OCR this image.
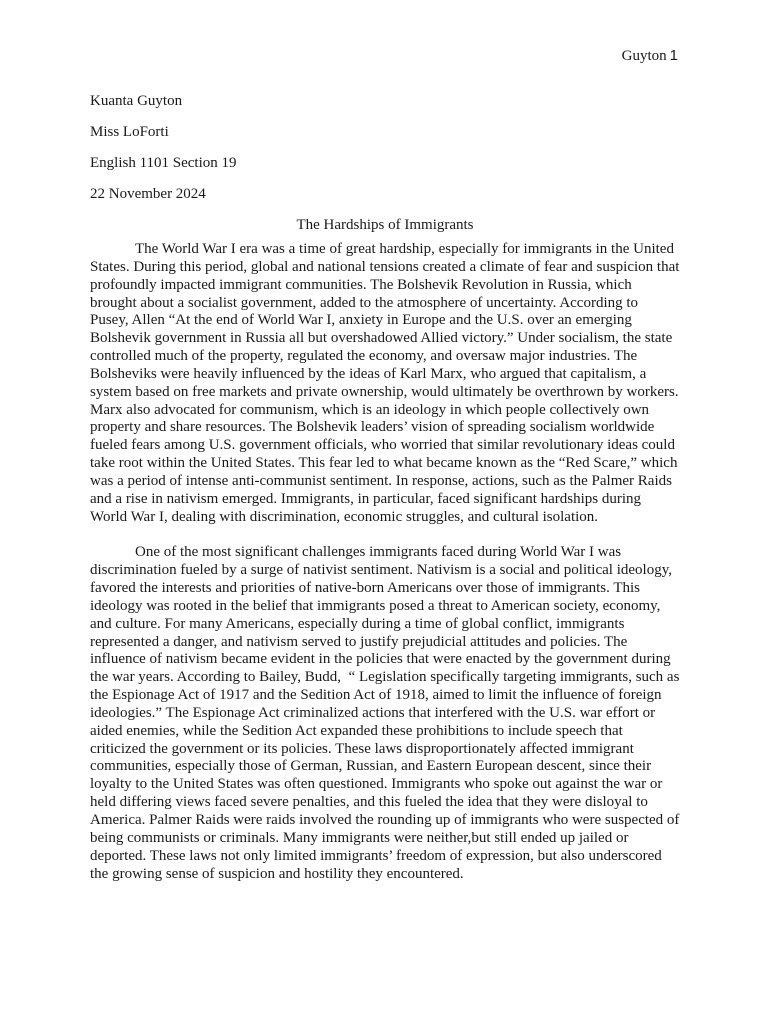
Guyton 1

Kuanta Guyton

Miss LoForti

English 1101 Section 19

22 November 2024

The Hardships of Immigrants

The World War I era was a time of great hardship, especially for immigrants in the United States. During this period, global and national tensions created a climate of fear and suspicion that profoundly impacted immigrant communities. The Bolshevik Revolution in Russia, which brought about a socialist government, added to the atmosphere of uncertainty. According to Pusey, Allen “At the end of World War I, anxiety in Europe and the U.S. over an emerging Bolshevik government in Russia all but overshadowed Allied victory.” Under socialism, the state controlled much of the property, regulated the economy, and oversaw major industries. The Bolsheviks were heavily influenced by the ideas of Karl Marx, who argued that capitalism, a system based on free markets and private ownership, would ultimately be overthrown by workers. Marx also advocated for communism, which is an ideology in which people collectively own property and share resources. The Bolshevik leaders’ vision of spreading socialism worldwide fueled fears among U.S. government officials, who worried that similar revolutionary ideas could take root within the United States. This fear led to what became known as the “Red Scare,” which was a period of intense anti-communist sentiment. In response, actions, such as the Palmer Raids and a rise in nativism emerged. Immigrants, in particular, faced significant hardships during World War I, dealing with discrimination, economic struggles, and cultural isolation.

One of the most significant challenges immigrants faced during World War I was discrimination fueled by a surge of nativist sentiment. Nativism is a social and political ideology, favored the interests and priorities of native-born Americans over those of immigrants. This ideology was rooted in the belief that immigrants posed a threat to American society, economy, and culture. For many Americans, especially during a time of global conflict, immigrants represented a danger, and nativism served to justify prejudicial attitudes and policies. The influence of nativism became evident in the policies that were enacted by the government during the war years. According to Bailey, Budd,  “ Legislation specifically targeting immigrants, such as the Espionage Act of 1917 and the Sedition Act of 1918, aimed to limit the influence of foreign ideologies.” The Espionage Act criminalized actions that interfered with the U.S. war effort or aided enemies, while the Sedition Act expanded these prohibitions to include speech that criticized the government or its policies. These laws disproportionately affected immigrant communities, especially those of German, Russian, and Eastern European descent, since their loyalty to the United States was often questioned. Immigrants who spoke out against the war or held differing views faced severe penalties, and this fueled the idea that they were disloyal to America. Palmer Raids were raids involved the rounding up of immigrants who were suspected of being communists or criminals. Many immigrants were neither,but still ended up jailed or deported. These laws not only limited immigrants’ freedom of expression, but also underscored the growing sense of suspicion and hostility they encountered.
